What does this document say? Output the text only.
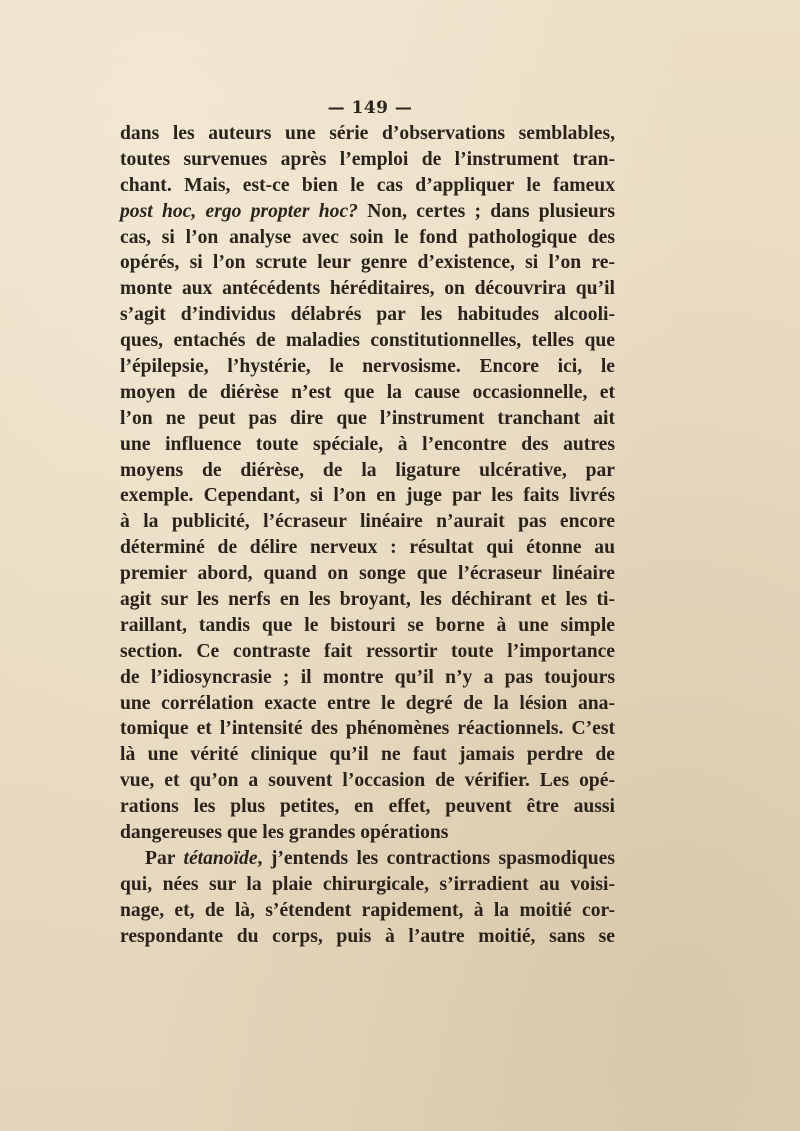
— 149 —
dans les auteurs une série d’observations semblables,
toutes survenues après l’emploi de l’instrument tran-
chant. Mais, est-ce bien le cas d’appliquer le fameux
post hoc, ergo propter hoc? Non, certes ; dans plusieurs
cas, si l’on analyse avec soin le fond pathologique des
opérés, si l’on scrute leur genre d’existence, si l’on re-
monte aux antécédents héréditaires, on découvrira qu’il
s’agit d’individus délabrés par les habitudes alcooli-
ques, entachés de maladies constitutionnelles, telles que
l’épilepsie, l’hystérie, le nervosisme. Encore ici, le
moyen de diérèse n’est que la cause occasionnelle, et
l’on ne peut pas dire que l’instrument tranchant ait
une influence toute spéciale, à l’encontre des autres
moyens de diérèse, de la ligature ulcérative, par
exemple. Cependant, si l’on en juge par les faits livrés
à la publicité, l’écraseur linéaire n’aurait pas encore
déterminé de délire nerveux : résultat qui étonne au
premier abord, quand on songe que l’écraseur linéaire
agit sur les nerfs en les broyant, les déchirant et les ti-
raillant, tandis que le bistouri se borne à une simple
section. Ce contraste fait ressortir toute l’importance
de l’idiosyncrasie ; il montre qu’il n’y a pas toujours
une corrélation exacte entre le degré de la lésion ana-
tomique et l’intensité des phénomènes réactionnels. C’est
là une vérité clinique qu’il ne faut jamais perdre de
vue, et qu’on a souvent l’occasion de vérifier. Les opé-
rations les plus petites, en effet, peuvent être aussi
dangereuses que les grandes opérations
Par tétanoïde, j’entends les contractions spasmodiques
qui, nées sur la plaie chirurgicale, s’irradient au voisi-
nage, et, de là, s’étendent rapidement, à la moitié cor-
respondante du corps, puis à l’autre moitié, sans se
